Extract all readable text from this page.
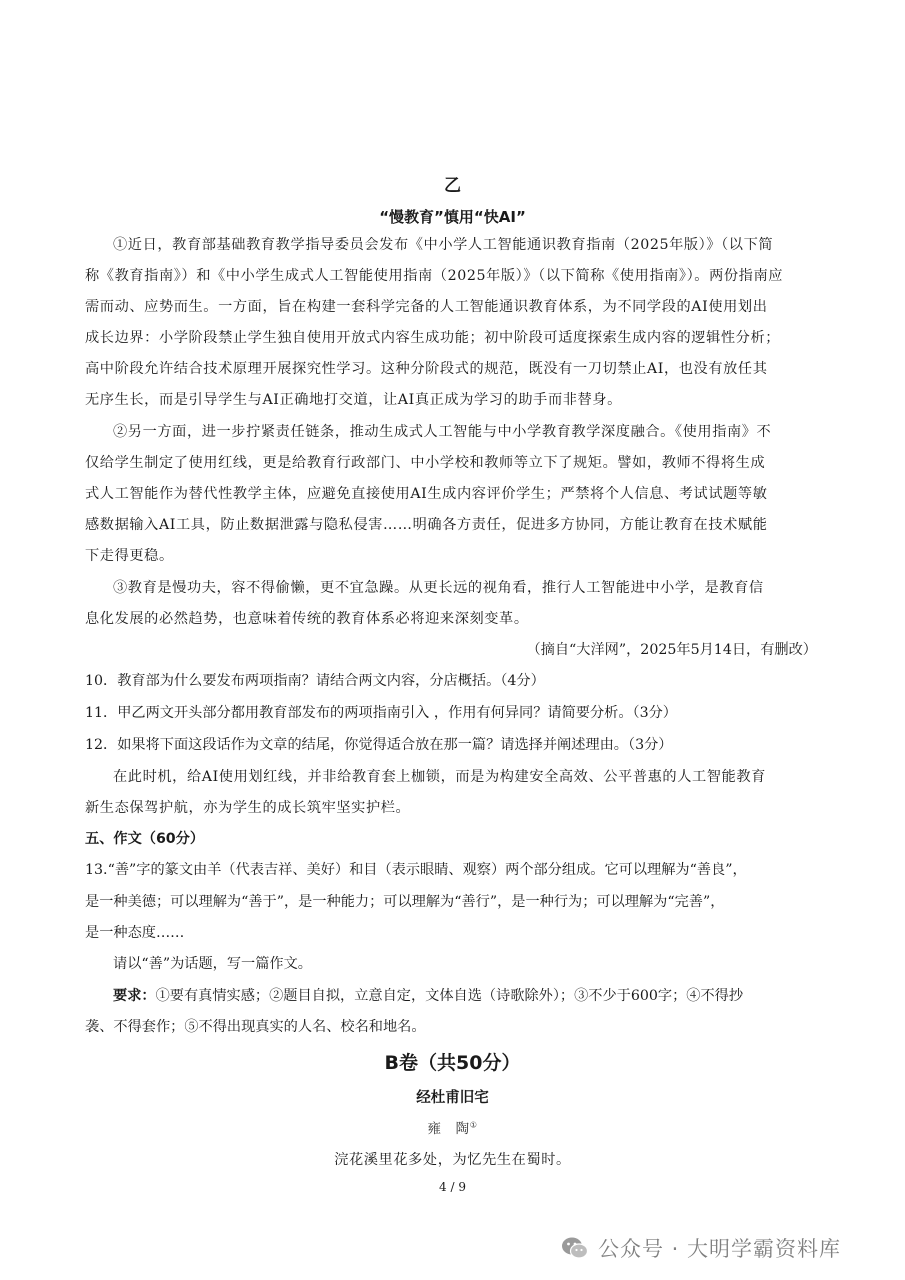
乙
“慢教育”慎用“快AI”
①近日，教育部基础教育教学指导委员会发布《中小学人工智能通识教育指南（2025年版）》（以下简
称《教育指南》）和《中小学生成式人工智能使用指南（2025年版）》（以下简称《使用指南》）。两份指南应
需而动、应势而生。一方面，旨在构建一套科学完备的人工智能通识教育体系，为不同学段的AI使用划出
成长边界：小学阶段禁止学生独自使用开放式内容生成功能；初中阶段可适度探索生成内容的逻辑性分析；
高中阶段允许结合技术原理开展探究性学习。这种分阶段式的规范，既没有一刀切禁止AI，也没有放任其
无序生长，而是引导学生与AI正确地打交道，让AI真正成为学习的助手而非替身。
②另一方面，进一步拧紧责任链条，推动生成式人工智能与中小学教育教学深度融合。《使用指南》不
仅给学生制定了使用红线，更是给教育行政部门、中小学校和教师等立下了规矩。譬如，教师不得将生成
式人工智能作为替代性教学主体，应避免直接使用AI生成内容评价学生；严禁将个人信息、考试试题等敏
感数据输入AI工具，防止数据泄露与隐私侵害……明确各方责任，促进多方协同，方能让教育在技术赋能
下走得更稳。
③教育是慢功夫，容不得偷懒，更不宜急躁。从更长远的视角看，推行人工智能进中小学，是教育信
息化发展的必然趋势，也意味着传统的教育体系必将迎来深刻变革。
（摘自“大洋网”，2025年5月14日，有删改）
10．教育部为什么要发布两项指南？请结合两文内容，分店概括。（4分）
11．甲乙两文开头部分都用教育部发布的两项指南引入 ，作用有何异同？请简要分析。（3分）
12．如果将下面这段话作为文章的结尾，你觉得适合放在那一篇？请选择并阐述理由。（3分）
在此时机，给AI使用划红线，并非给教育套上枷锁，而是为构建安全高效、公平普惠的人工智能教育
新生态保驾护航，亦为学生的成长筑牢坚实护栏。
五、作文（60分）
13.“善”字的篆文由羊（代表吉祥、美好）和目（表示眼睛、观察）两个部分组成。它可以理解为“善良”，
是一种美德；可以理解为“善于”，是一种能力；可以理解为“善行”，是一种行为；可以理解为“完善”，
是一种态度……
请以“善”为话题，写一篇作文。
要求：①要有真情实感；②题目自拟，立意自定，文体自选（诗歌除外）；③不少于600字；④不得抄
袭、不得套作；⑤不得出现真实的人名、校名和地名。
B卷（共50分）
经杜甫旧宅
雍　陶①
浣花溪里花多处，为忆先生在蜀时。
4 / 9
公众号 · 大明学霸资料库
